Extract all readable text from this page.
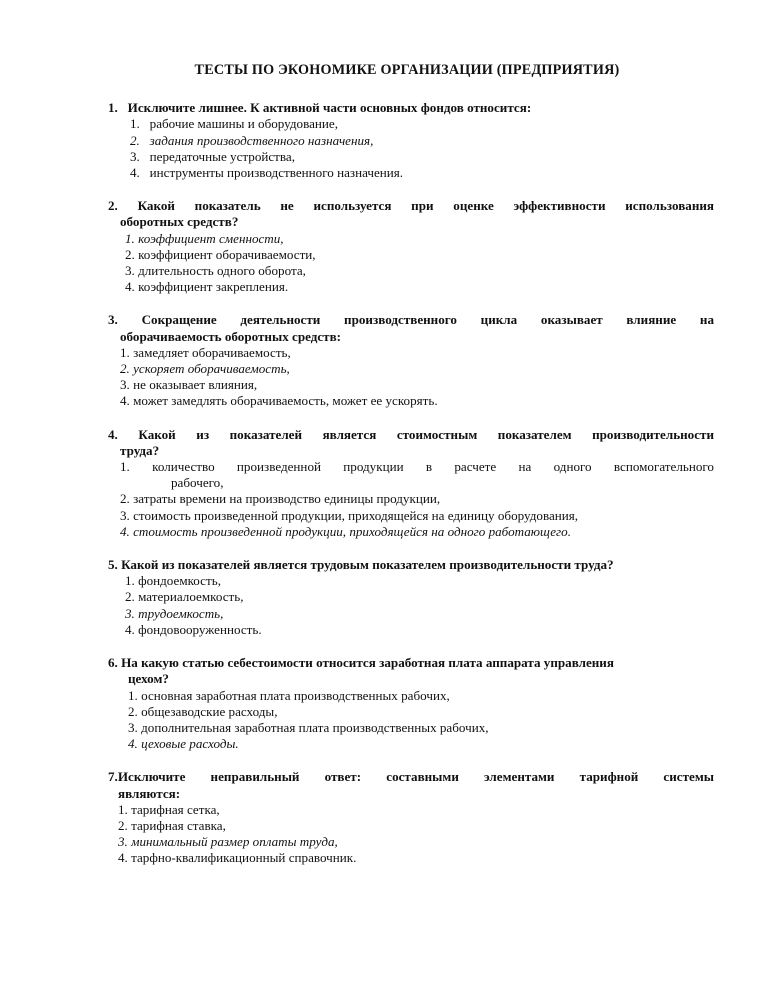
ТЕСТЫ ПО ЭКОНОМИКЕ ОРГАНИЗАЦИИ (ПРЕДПРИЯТИЯ)
1. Исключите лишнее. К активной части основных фондов относится:
1. рабочие машины и оборудование,
2. задания производственного назначения,
3. передаточные устройства,
4. инструменты производственного назначения.
2. Какой показатель не используется при оценке эффективности использования
оборотных средств?
1. коэффициент сменности,
2. коэффициент оборачиваемости,
3. длительность одного оборота,
4. коэффициент закрепления.
3. Сокращение деятельности производственного цикла оказывает влияние на
оборачиваемость оборотных средств:
1. замедляет оборачиваемость,
2. ускоряет оборачиваемость,
3. не оказывает влияния,
4. может замедлять оборачиваемость, может ее ускорять.
4. Какой из показателей является стоимостным показателем производительности
труда?
1. количество произведенной продукции в расчете на одного вспомогательного
рабочего,
2. затраты времени на производство единицы продукции,
3. стоимость произведенной продукции, приходящейся на единицу оборудования,
4. стоимость произведенной продукции, приходящейся на одного работающего.
5. Какой из показателей является трудовым показателем производительности труда?
1. фондоемкость,
2. материалоемкость,
3. трудоемкость,
4. фондовооруженность.
6. На какую статью себестоимости относится заработная плата аппарата управления
цехом?
1. основная заработная плата производственных рабочих,
2. общезаводские расходы,
3. дополнительная заработная плата производственных рабочих,
4. цеховые расходы.
7.Исключите неправильный ответ: составными элементами тарифной системы
являются:
1. тарифная сетка,
2. тарифная ставка,
3. минимальный размер оплаты труда,
4. тарфно-квалификационный справочник.
